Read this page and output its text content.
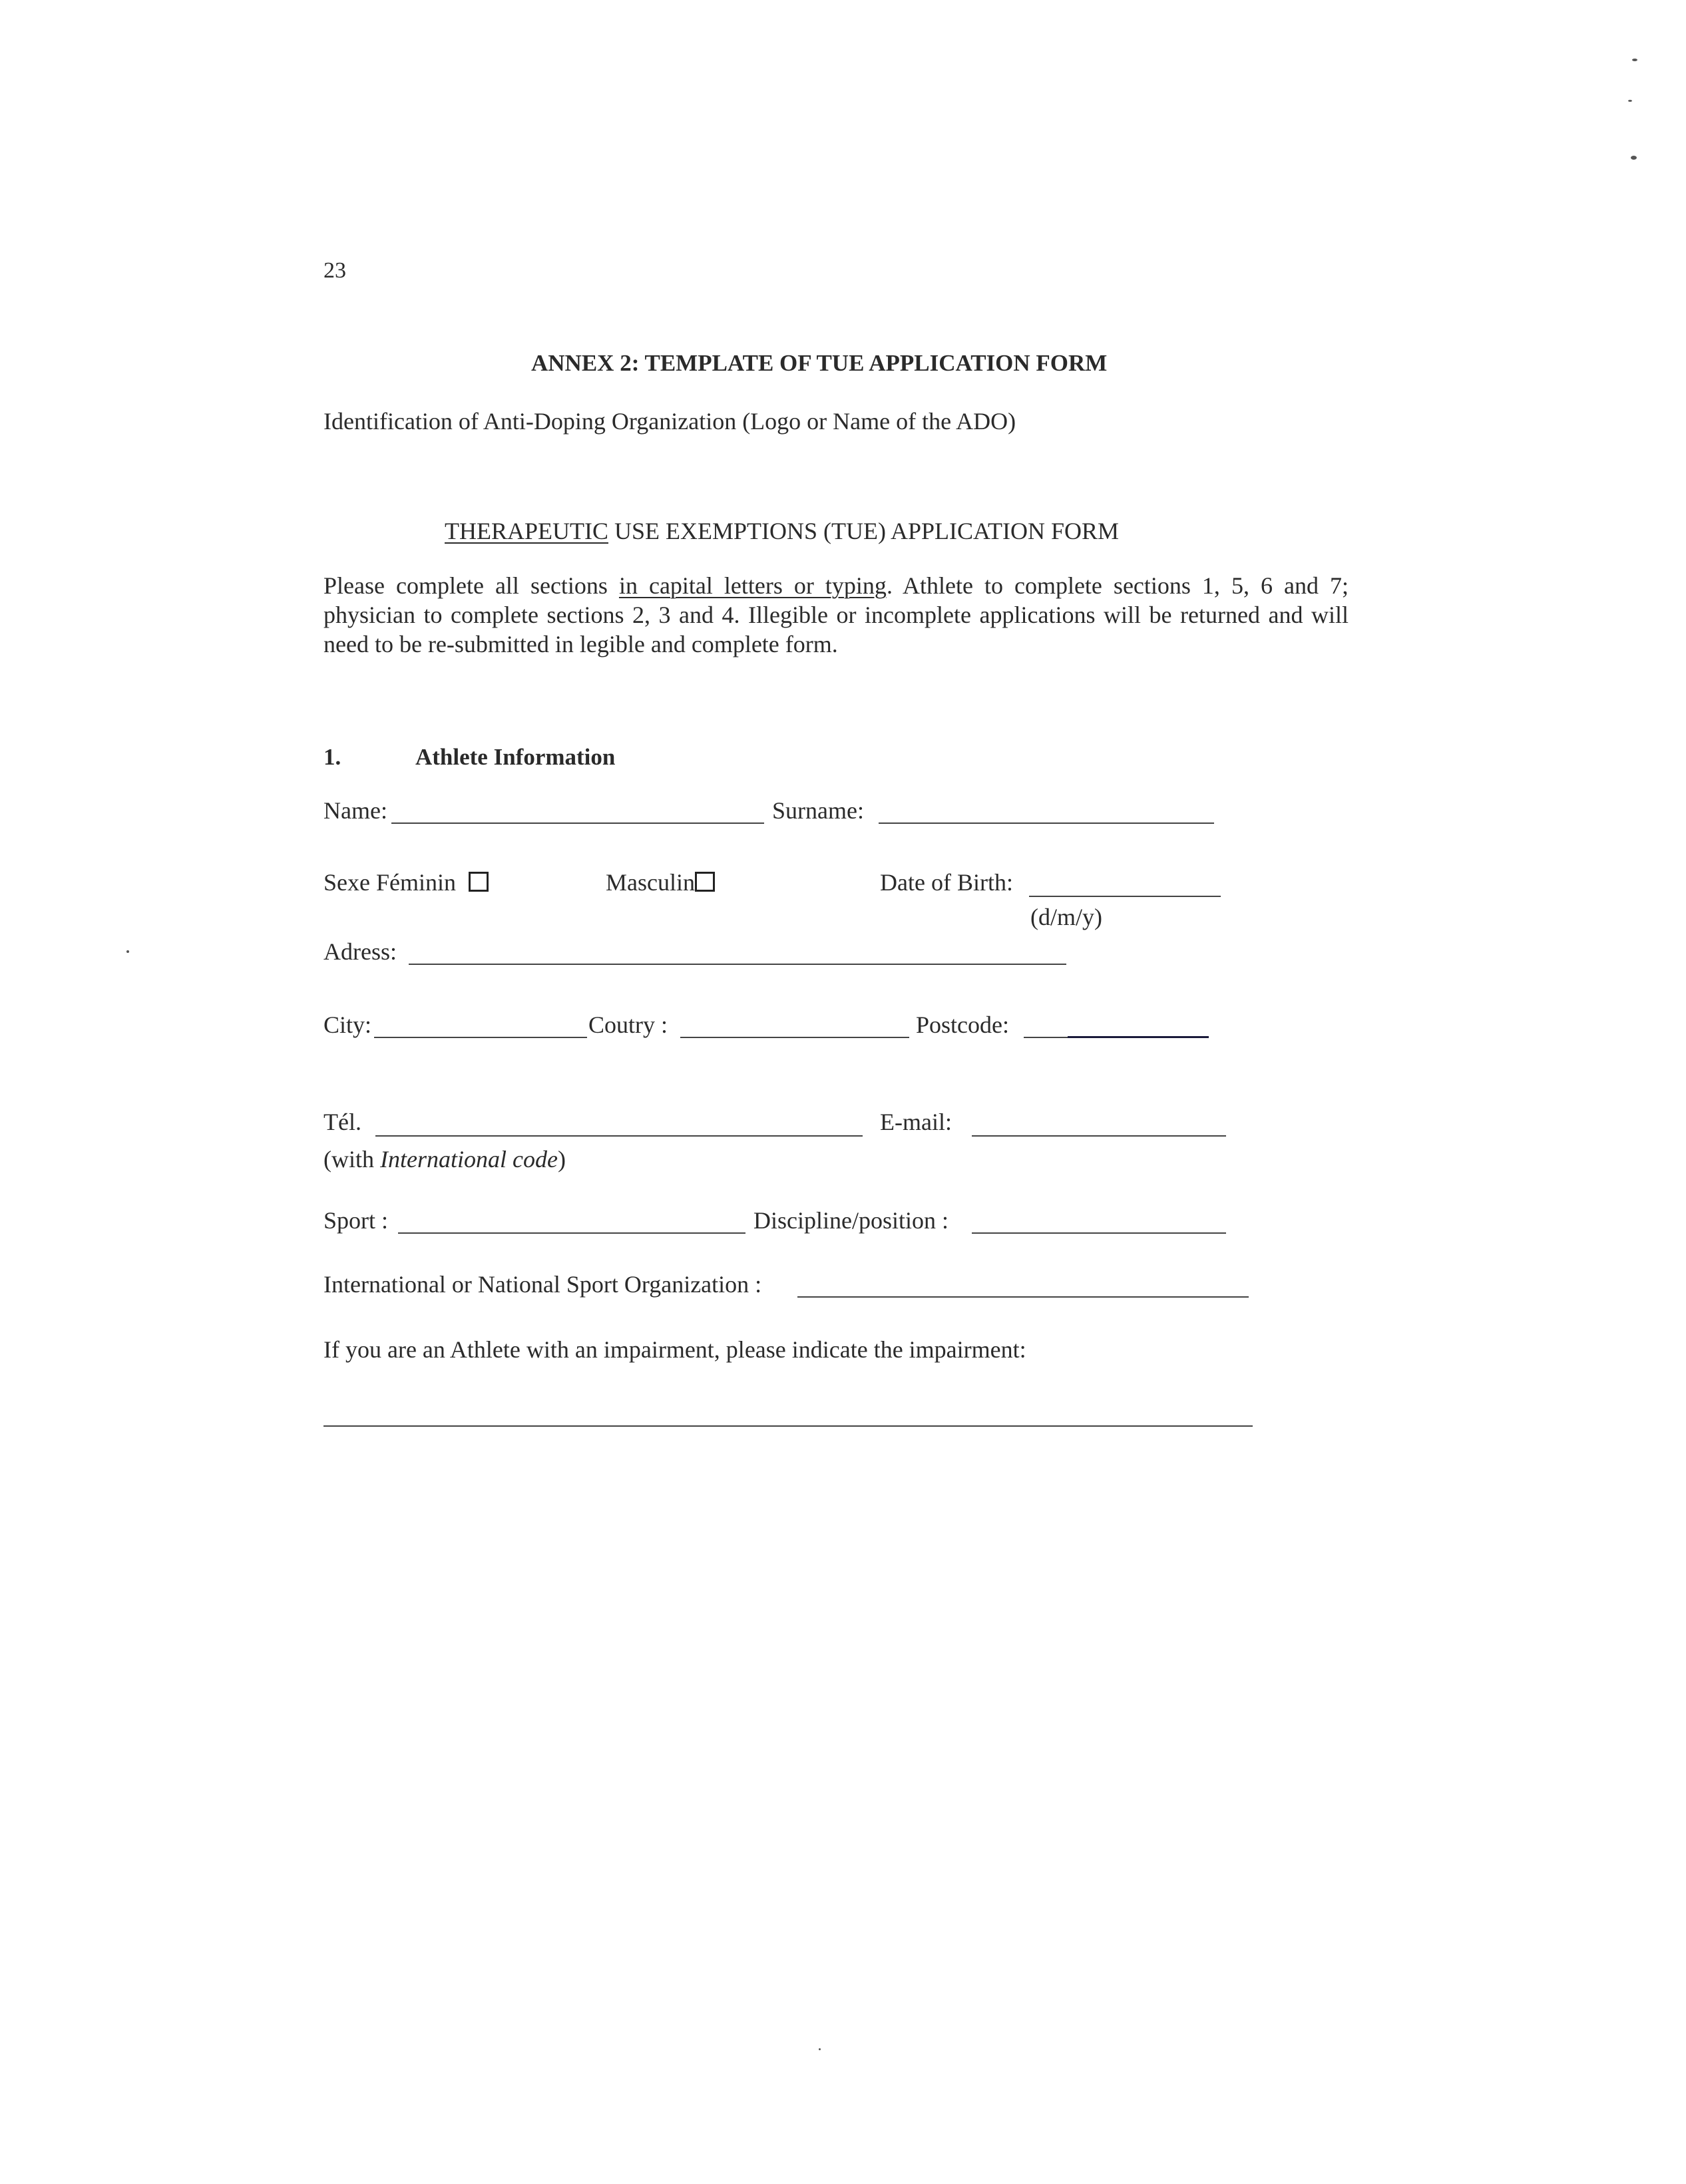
23
ANNEX 2: TEMPLATE OF TUE APPLICATION FORM
Identification of Anti-Doping Organization (Logo or Name of the ADO)
THERAPEUTIC USE EXEMPTIONS (TUE) APPLICATION FORM
Please complete all sections in capital letters or typing. Athlete to complete sections 1, 5, 6 and 7; physician to complete sections 2, 3 and 4. Illegible or incomplete applications will be returned and will need to be re-submitted in legible and complete form.
1.	Athlete Information
Name:	Surname:
Sexe Féminin	Masculin	Date of Birth:
(d/m/y)
Adress:
City:	Coutry :	Postcode:
Tél.
(with International code)
E-mail:
Sport :	Discipline/position :
International or National Sport Organization :
If you are an Athlete with an impairment, please indicate the impairment:
